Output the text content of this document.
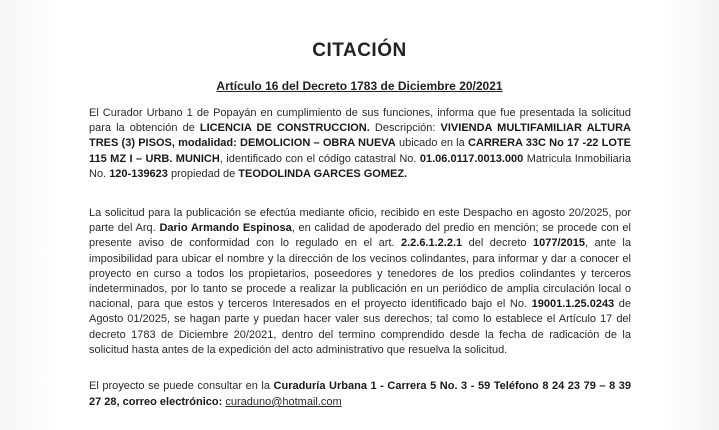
CITACIÓN
Artículo 16 del Decreto 1783 de Diciembre 20/2021
El Curador Urbano 1 de Popayán en cumplimiento de sus funciones, informa que fue presentada la solicitud para la obtención de LICENCIA DE CONSTRUCCION. Descripción: VIVIENDA MULTIFAMILIAR ALTURA TRES (3) PISOS, modalidad: DEMOLICION – OBRA NUEVA ubicado en la CARRERA 33C No 17 -22 LOTE 115 MZ I – URB. MUNICH, identificado con el código catastral No. 01.06.0117.0013.000 Matricula Inmobiliaria No. 120-139623 propiedad de TEODOLINDA GARCES GOMEZ.
La solicitud para la publicación se efectúa mediante oficio, recibido en este Despacho en agosto 20/2025, por parte del Arq. Dario Armando Espinosa, en calidad de apoderado del predio en mención; se procede con el presente aviso de conformidad con lo regulado en el art. 2.2.6.1.2.2.1 del decreto 1077/2015, ante la imposibilidad para ubicar el nombre y la dirección de los vecinos colindantes, para informar y dar a conocer el proyecto en curso a todos los propietarios, poseedores y tenedores de los predios colindantes y terceros indeterminados, por lo tanto se procede a realizar la publicación en un periódico de amplia circulación local o nacional, para que estos y terceros Interesados en el proyecto identificado bajo el No. 19001.1.25.0243 de Agosto 01/2025, se hagan parte y puedan hacer valer sus derechos; tal como lo establece el Artículo 17 del decreto 1783 de Diciembre 20/2021, dentro del termino comprendido desde la fecha de radicación de la solicitud hasta antes de la expedición del acto administrativo que resuelva la solicitud.
El proyecto se puede consultar en la Curaduría Urbana 1 - Carrera 5 No. 3 - 59 Teléfono 8 24 23 79 – 8 39 27 28, correo electrónico: curaduno@hotmail.com
